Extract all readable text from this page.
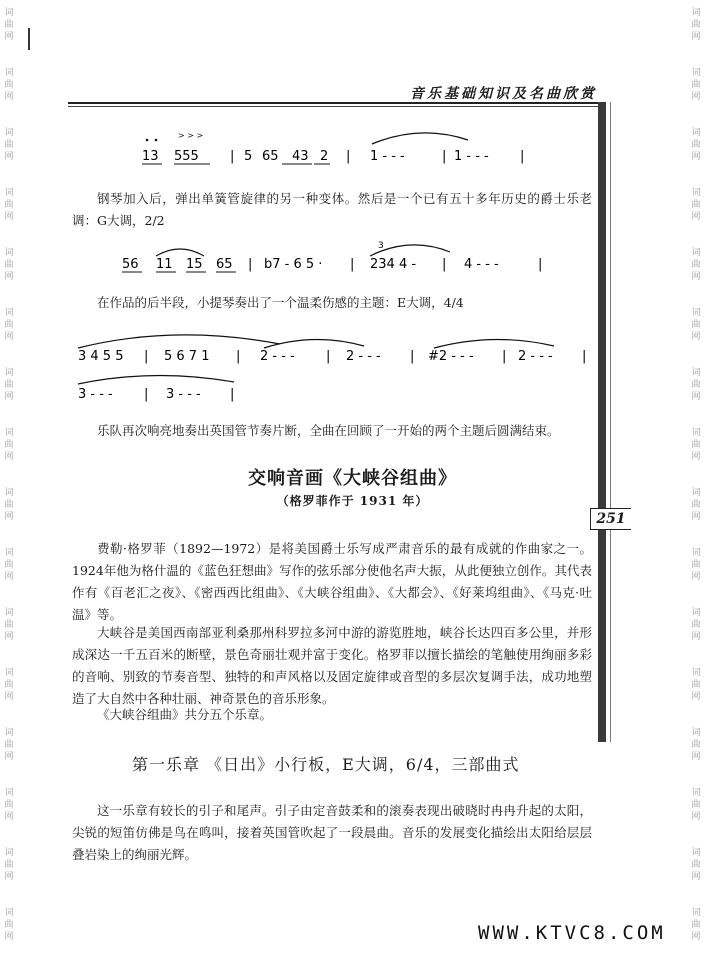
词
曲
网
词
曲
网
词
曲
网
词
曲
网
词
曲
网
词
曲
网
词
曲
网
词
曲
网
词
曲
网
词
曲
网
词
曲
网
词
曲
网
词
曲
网
词
曲
网
词
曲
网
词
曲
网
词
曲
网
词
曲
网
词
曲
网
词
曲
网
词
曲
网
词
曲
网
词
曲
网
词
曲
网
词
曲
网
词
曲
网
词
曲
网
词
曲
网
词
曲
网
词
曲
网
词
曲
网
词
曲
网
音乐基础知识及名曲欣赏
251
> > >
13 555 | 5 65 43 2 | 1 - - -	| 1 - - - |
钢琴加入后，弹出单簧管旋律的另一种变体。然后是一个已有五十多年历史的爵士乐老调：G大调，2/2
3
56 11 15 65 | b7 - 6 5 · | 234 4 - | 4 - - -	|
在作品的后半段，小提琴奏出了一个温柔伤感的主题：E大调，4/4
3 4 5 5 | 5 6 7 1 | 2 - - - | 2 - - - | #2 - - - | 2 - - - |
3 - - - | 3 - - - |
乐队再次响亮地奏出英国管节奏片断，全曲在回顾了一开始的两个主题后圆满结束。
交响音画《大峡谷组曲》
（格罗菲作于 1931 年）
费勒·格罗菲（1892—1972）是将美国爵士乐写成严肃音乐的最有成就的作曲家之一。1924年他为格什温的《蓝色狂想曲》写作的弦乐部分使他名声大振，从此便独立创作。其代表作有《百老汇之夜》、《密西西比组曲》、《大峡谷组曲》、《大都会》、《好莱坞组曲》、《马克·吐温》等。
大峡谷是美国西南部亚利桑那州科罗拉多河中游的游览胜地，峡谷长达四百多公里，并形成深达一千五百米的断壁，景色奇丽壮观并富于变化。格罗菲以擅长描绘的笔触使用绚丽多彩的音响、别致的节奏音型、独特的和声风格以及固定旋律或音型的多层次复调手法，成功地塑造了大自然中各种壮丽、神奇景色的音乐形象。
《大峡谷组曲》共分五个乐章。
第一乐章 《日出》小行板，E大调，6/4，三部曲式
这一乐章有较长的引子和尾声。引子由定音鼓柔和的滚奏表现出破晓时冉冉升起的太阳，尖锐的短笛仿佛是鸟在鸣叫，接着英国管吹起了一段晨曲。音乐的发展变化描绘出太阳给层层叠岩染上的绚丽光辉。
WWW.KTVC8.COM
